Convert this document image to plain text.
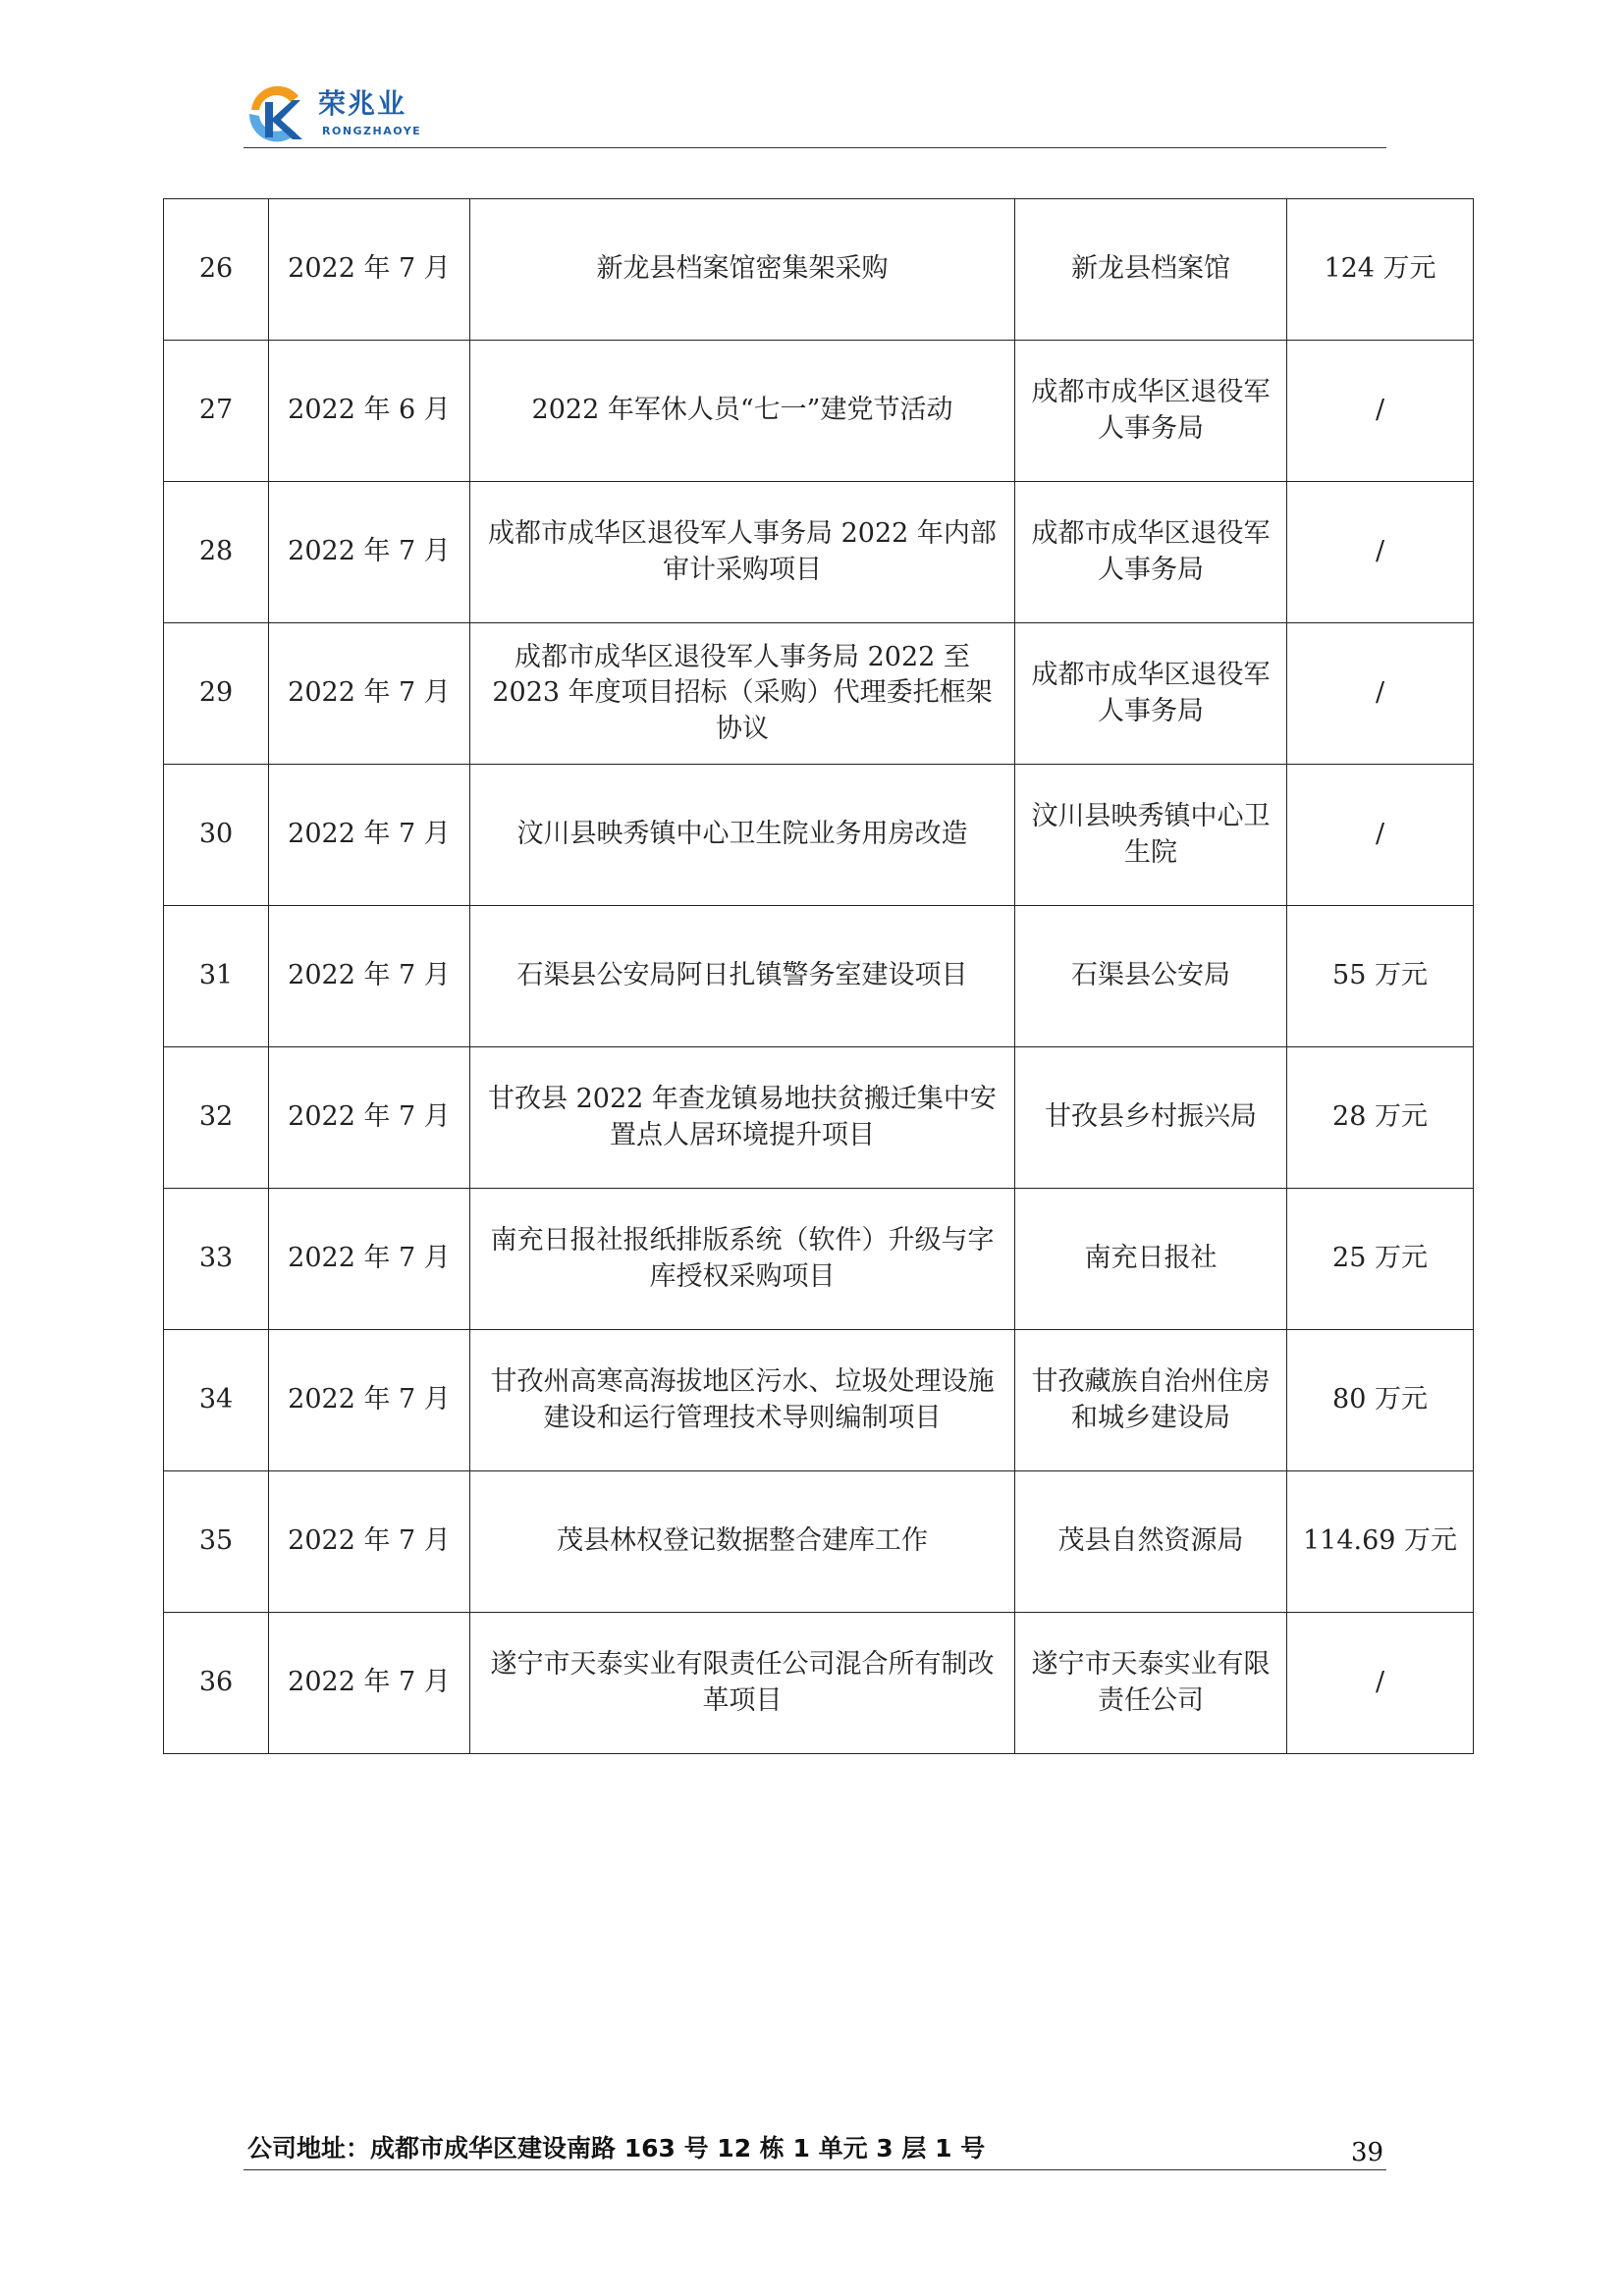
荣兆业
RONGZHAOYE
26	2022 年 7 月	新龙县档案馆密集架采购	新龙县档案馆	124 万元
27	2022 年 6 月	2022 年军休人员“七一”建党节活动	成都市成华区退役军人事务局	/
28	2022 年 7 月	成都市成华区退役军人事务局 2022 年内部审计采购项目	成都市成华区退役军人事务局	/
29	2022 年 7 月	成都市成华区退役军人事务局 2022 至 2023 年度项目招标（采购）代理委托框架协议	成都市成华区退役军人事务局	/
30	2022 年 7 月	汶川县映秀镇中心卫生院业务用房改造	汶川县映秀镇中心卫生院	/
31	2022 年 7 月	石渠县公安局阿日扎镇警务室建设项目	石渠县公安局	55 万元
32	2022 年 7 月	甘孜县 2022 年查龙镇易地扶贫搬迁集中安置点人居环境提升项目	甘孜县乡村振兴局	28 万元
33	2022 年 7 月	南充日报社报纸排版系统（软件）升级与字库授权采购项目	南充日报社	25 万元
34	2022 年 7 月	甘孜州高寒高海拔地区污水、垃圾处理设施建设和运行管理技术导则编制项目	甘孜藏族自治州住房和城乡建设局	80 万元
35	2022 年 7 月	茂县林权登记数据整合建库工作	茂县自然资源局	114.69 万元
36	2022 年 7 月	遂宁市天泰实业有限责任公司混合所有制改革项目	遂宁市天泰实业有限责任公司	/
公司地址：成都市成华区建设南路 163 号 12 栋 1 单元 3 层 1 号	39
